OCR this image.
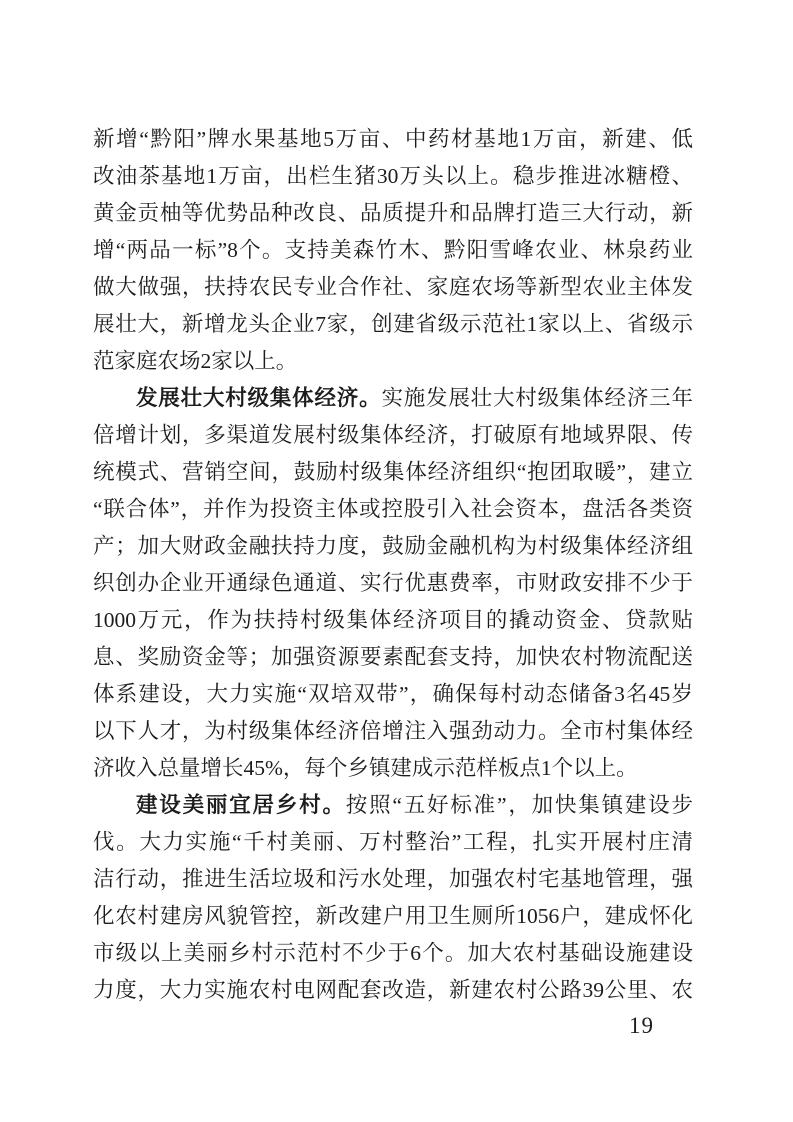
新增“黔阳”牌水果基地5万亩、中药材基地1万亩，新建、低
改油茶基地1万亩，出栏生猪30万头以上。稳步推进冰糖橙、
黄金贡柚等优势品种改良、品质提升和品牌打造三大行动，新
增“两品一标”8个。支持美森竹木、黔阳雪峰农业、林泉药业
做大做强，扶持农民专业合作社、家庭农场等新型农业主体发
展壮大，新增龙头企业7家，创建省级示范社1家以上、省级示
范家庭农场2家以上。
发展壮大村级集体经济。实施发展壮大村级集体经济三年
倍增计划，多渠道发展村级集体经济，打破原有地域界限、传
统模式、营销空间，鼓励村级集体经济组织“抱团取暖”，建立
“联合体”，并作为投资主体或控股引入社会资本，盘活各类资
产；加大财政金融扶持力度，鼓励金融机构为村级集体经济组
织创办企业开通绿色通道、实行优惠费率，市财政安排不少于
1000万元，作为扶持村级集体经济项目的撬动资金、贷款贴
息、奖励资金等；加强资源要素配套支持，加快农村物流配送
体系建设，大力实施“双培双带”，确保每村动态储备3名45岁
以下人才，为村级集体经济倍增注入强劲动力。全市村集体经
济收入总量增长45%，每个乡镇建成示范样板点1个以上。
建设美丽宜居乡村。按照“五好标准”，加快集镇建设步
伐。大力实施“千村美丽、万村整治”工程，扎实开展村庄清
洁行动，推进生活垃圾和污水处理，加强农村宅基地管理，强
化农村建房风貌管控，新改建户用卫生厕所1056户，建成怀化
市级以上美丽乡村示范村不少于6个。加大农村基础设施建设
力度，大力实施农村电网配套改造，新建农村公路39公里、农
19
